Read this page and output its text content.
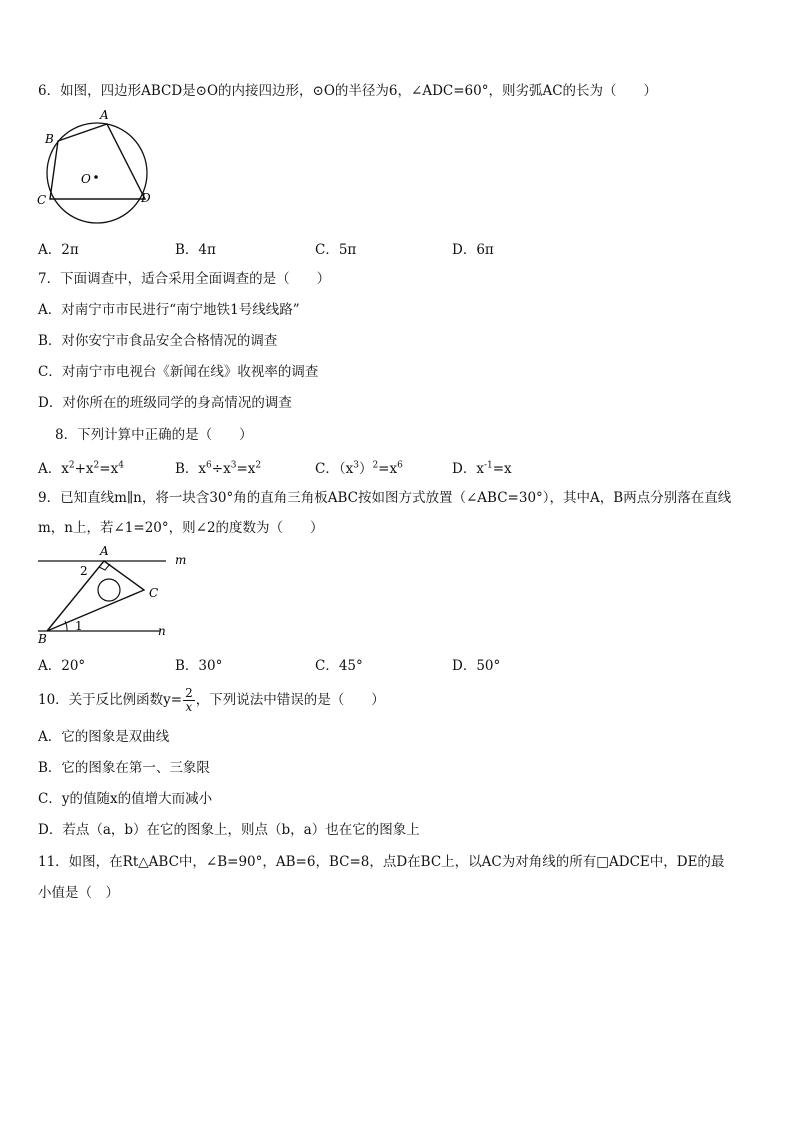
6．如图，四边形ABCD是⊙O的内接四边形，⊙O的半径为6，∠ADC=60°，则劣弧AC的长为（　　）
A
B
C	D
O
A．2π	B．4π	C．5π	D．6π
7．下面调查中，适合采用全面调查的是（　　）
A．对南宁市市民进行“南宁地铁1号线线路”
B．对你安宁市食品安全合格情况的调查
C．对南宁市电视台《新闻在线》收视率的调查
D．对你所在的班级同学的身高情况的调查
8．下列计算中正确的是（　　）
A．$x^2+x^2=x^4$	B．$x^6\div x^3=x^2$	C．$(x^3)^2=x^6$	D．$x^{-1}=x$
9．已知直线m∥n，将一块含30°角的直角三角板ABC按如图方式放置（∠ABC=30°），其中A，B两点分别落在直线
m，n上，若∠1=20°，则∠2的度数为（　　）
A
B
C
m
n
1
2
A．20°	B．30°	C．45°	D．50°
10．关于反比例函数$y= \frac{2}{x}$ ，下列说法中错误的是（　　）
A．它的图象是双曲线
B．它的图象在第一、三象限
C．y的值随x的值增大而减小
D．若点（a，b）在它的图象上，则点（b，a）也在它的图象上
11．如图，在Rt△ABC中，∠B=90°，AB=6，BC=8，点D在BC上，以AC为对角线的所有□ADCE中，DE的最
小值是（　）
